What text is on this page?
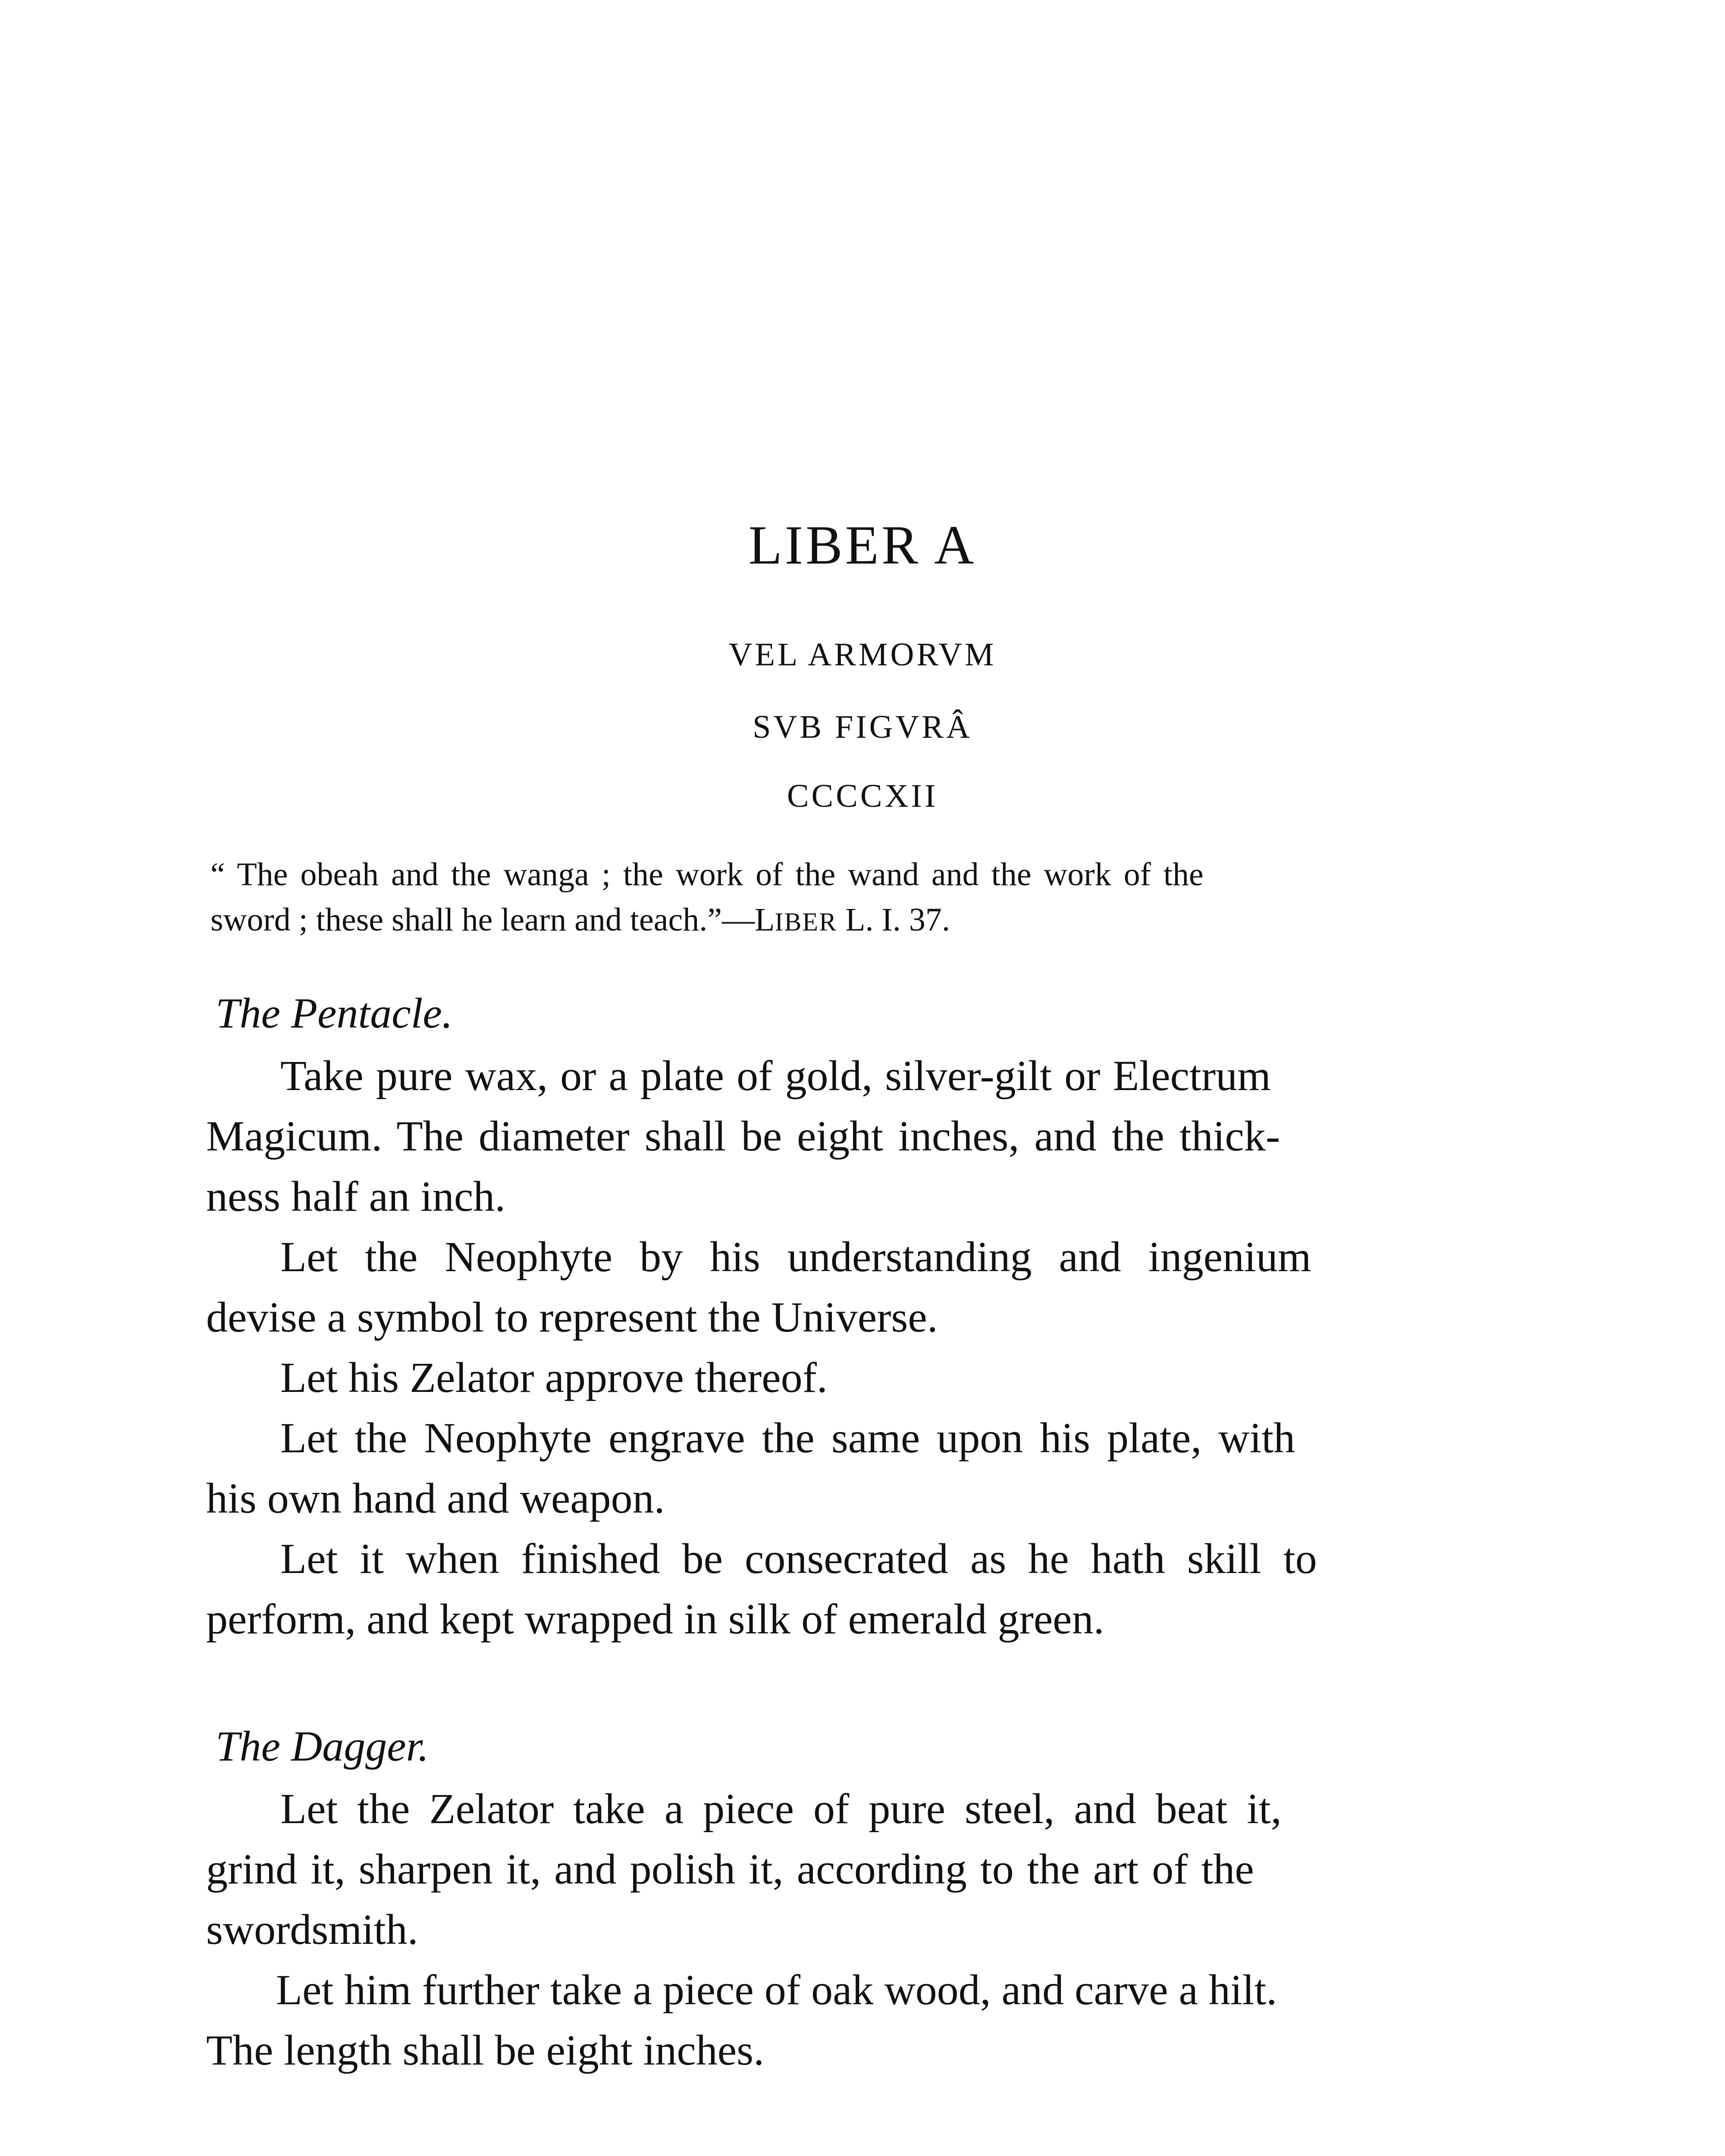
LIBER A
VEL ARMORVM
SVB FIGVRÂ
CCCCXII
“ The obeah and the wanga ; the work of the wand and the work of the
sword ; these shall he learn and teach.”—LIBER L. I. 37.
The Pentacle.
Take pure wax, or a plate of gold, silver-gilt or Electrum
Magicum. The diameter shall be eight inches, and the thick-
ness half an inch.
Let the Neophyte by his understanding and ingenium
devise a symbol to represent the Universe.
Let his Zelator approve thereof.
Let the Neophyte engrave the same upon his plate, with
his own hand and weapon.
Let it when finished be consecrated as he hath skill to
perform, and kept wrapped in silk of emerald green.
The Dagger.
Let the Zelator take a piece of pure steel, and beat it,
grind it, sharpen it, and polish it, according to the art of the
swordsmith.
Let him further take a piece of oak wood, and carve a hilt.
The length shall be eight inches.
